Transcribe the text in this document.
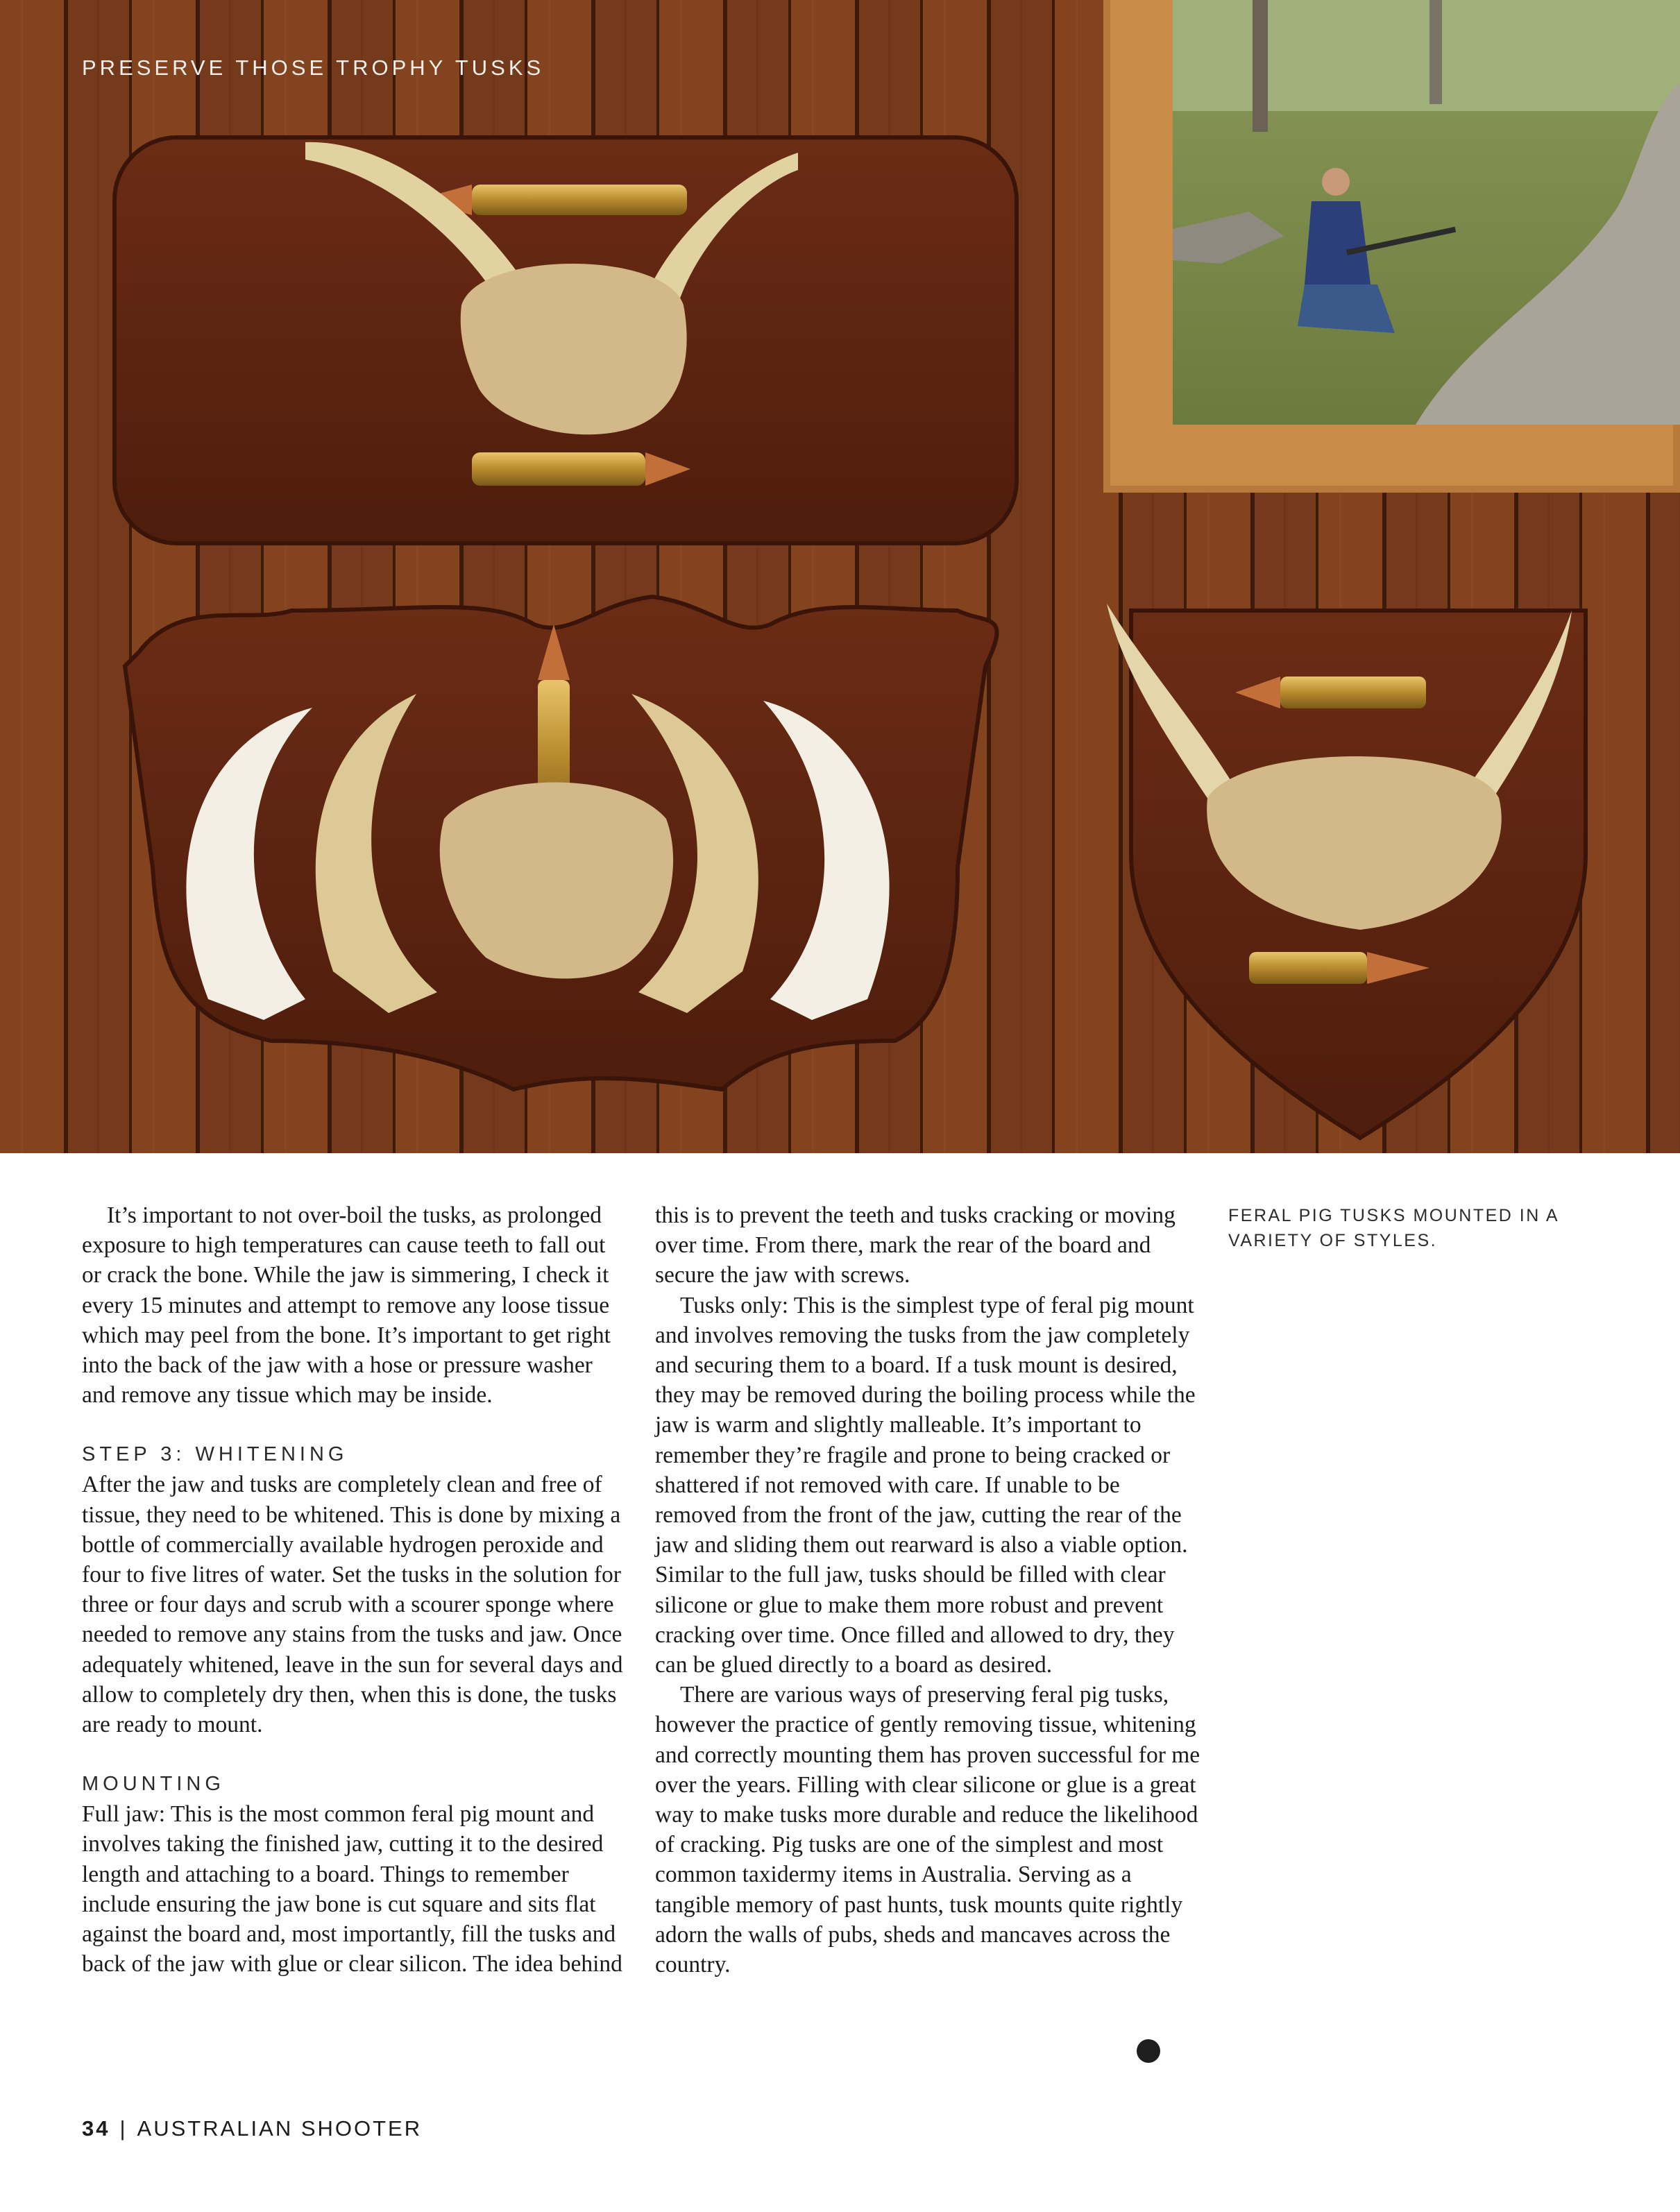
PRESERVE THOSE TROPHY TUSKS

It’s important to not over-boil the tusks, as prolonged exposure to high temperatures can cause teeth to fall out or crack the bone. While the jaw is simmering, I check it every 15 minutes and attempt to remove any loose tissue which may peel from the bone. It’s important to get right into the back of the jaw with a hose or pressure washer and remove any tissue which may be inside.

STEP 3: WHITENING

After the jaw and tusks are completely clean and free of tissue, they need to be whitened. This is done by mixing a bottle of commercially available hydrogen peroxide and four to five litres of water. Set the tusks in the solution for three or four days and scrub with a scourer sponge where needed to remove any stains from the tusks and jaw. Once adequately whitened, leave in the sun for several days and allow to completely dry then, when this is done, the tusks are ready to mount.

MOUNTING

Full jaw: This is the most common feral pig mount and involves taking the finished jaw, cutting it to the desired length and attaching to a board. Things to remember include ensuring the jaw bone is cut square and sits flat against the board and, most importantly, fill the tusks and back of the jaw with glue or clear silicon. The idea behind

this is to prevent the teeth and tusks cracking or moving over time. From there, mark the rear of the board and secure the jaw with screws.

Tusks only: This is the simplest type of feral pig mount and involves removing the tusks from the jaw completely and securing them to a board. If a tusk mount is desired, they may be removed during the boiling process while the jaw is warm and slightly malleable. It’s important to remember they’re fragile and prone to being cracked or shattered if not removed with care. If unable to be removed from the front of the jaw, cutting the rear of the jaw and sliding them out rearward is also a viable option. Similar to the full jaw, tusks should be filled with clear silicone or glue to make them more robust and prevent cracking over time. Once filled and allowed to dry, they can be glued directly to a board as desired.

There are various ways of preserving feral pig tusks, however the practice of gently removing tissue, whitening and correctly mounting them has proven successful for me over the years. Filling with clear silicone or glue is a great way to make tusks more durable and reduce the likelihood of cracking. Pig tusks are one of the simplest and most common taxidermy items in Australia. Serving as a tangible memory of past hunts, tusk mounts quite rightly adorn the walls of pubs, sheds and mancaves across the country.

FERAL PIG TUSKS MOUNTED IN A VARIETY OF STYLES.

34 | AUSTRALIAN SHOOTER
